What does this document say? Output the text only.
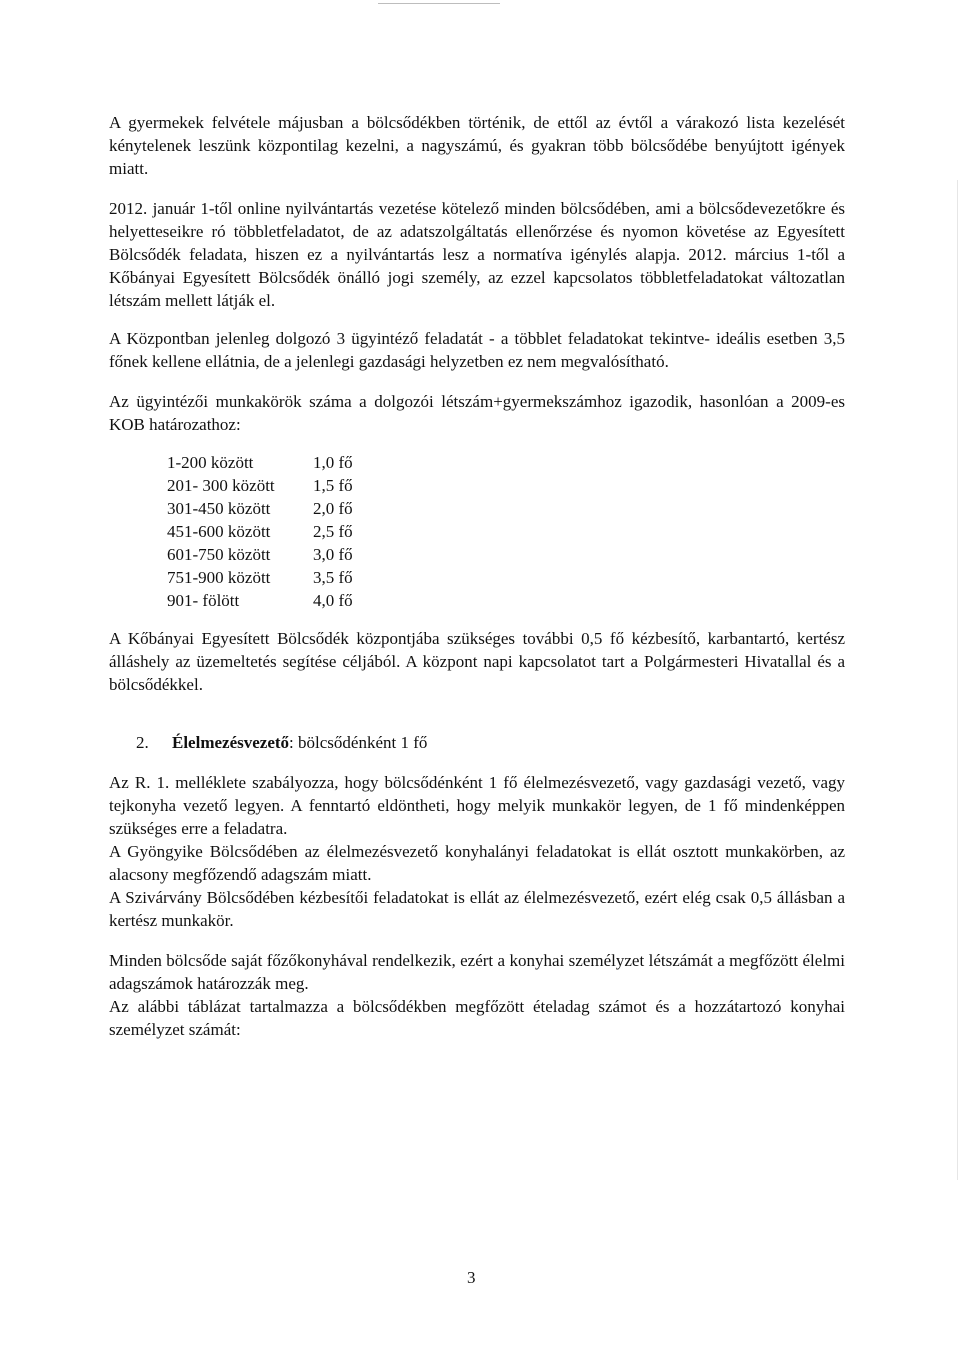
A gyermekek felvétele májusban a bölcsődékben történik, de ettől az évtől a várakozó lista kezelését kénytelenek leszünk központilag kezelni, a nagyszámú, és gyakran több bölcsődébe benyújtott igények miatt.

2012. január 1-től online nyilvántartás vezetése kötelező minden bölcsődében, ami a bölcsődevezetőkre és helyetteseikre ró többletfeladatot, de az adatszolgáltatás ellenőrzése és nyomon követése az Egyesített Bölcsődék feladata, hiszen ez a nyilvántartás lesz a normatíva igénylés alapja. 2012. március 1-től a Kőbányai Egyesített Bölcsődék önálló jogi személy, az ezzel kapcsolatos többletfeladatokat változatlan létszám mellett látják el.

A Központban jelenleg dolgozó 3 ügyintéző feladatát - a többlet feladatokat tekintve- ideális esetben 3,5 főnek kellene ellátnia, de a jelenlegi gazdasági helyzetben ez nem megvalósítható.

Az ügyintézői munkakörök száma a dolgozói létszám+gyermekszámhoz igazodik, hasonlóan a 2009-es KOB határozathoz:

1-200 között	1,0 fő
201- 300 között	1,5 fő
301-450 között	2,0 fő
451-600 között	2,5 fő
601-750 között	3,0 fő
751-900 között	3,5 fő
901- fölött	4,0 fő

A Kőbányai Egyesített Bölcsődék központjába szükséges további 0,5 fő kézbesítő, karbantartó, kertész álláshely az üzemeltetés segítése céljából. A központ napi kapcsolatot tart a Polgármesteri Hivatallal és a bölcsődékkel.

2.	Élelmezésvezető: bölcsődénként 1 fő

Az R. 1. melléklete szabályozza, hogy bölcsődénként 1 fő élelmezésvezető, vagy gazdasági vezető, vagy tejkonyha vezető legyen. A fenntartó eldöntheti, hogy melyik munkakör legyen, de 1 fő mindenképpen szükséges erre a feladatra.

A Gyöngyike Bölcsődében az élelmezésvezető konyhalányi feladatokat is ellát osztott munkakörben, az alacsony megfőzendő adagszám miatt.

A Szivárvány Bölcsődében kézbesítői feladatokat is ellát az élelmezésvezető, ezért elég csak 0,5 állásban a kertész munkakör.

Minden bölcsőde saját főzőkonyhával rendelkezik, ezért a konyhai személyzet létszámát a megfőzött élelmi adagszámok határozzák meg.

Az alábbi táblázat tartalmazza a bölcsődékben megfőzött ételadag számot és a hozzátartozó konyhai személyzet számát:

3
